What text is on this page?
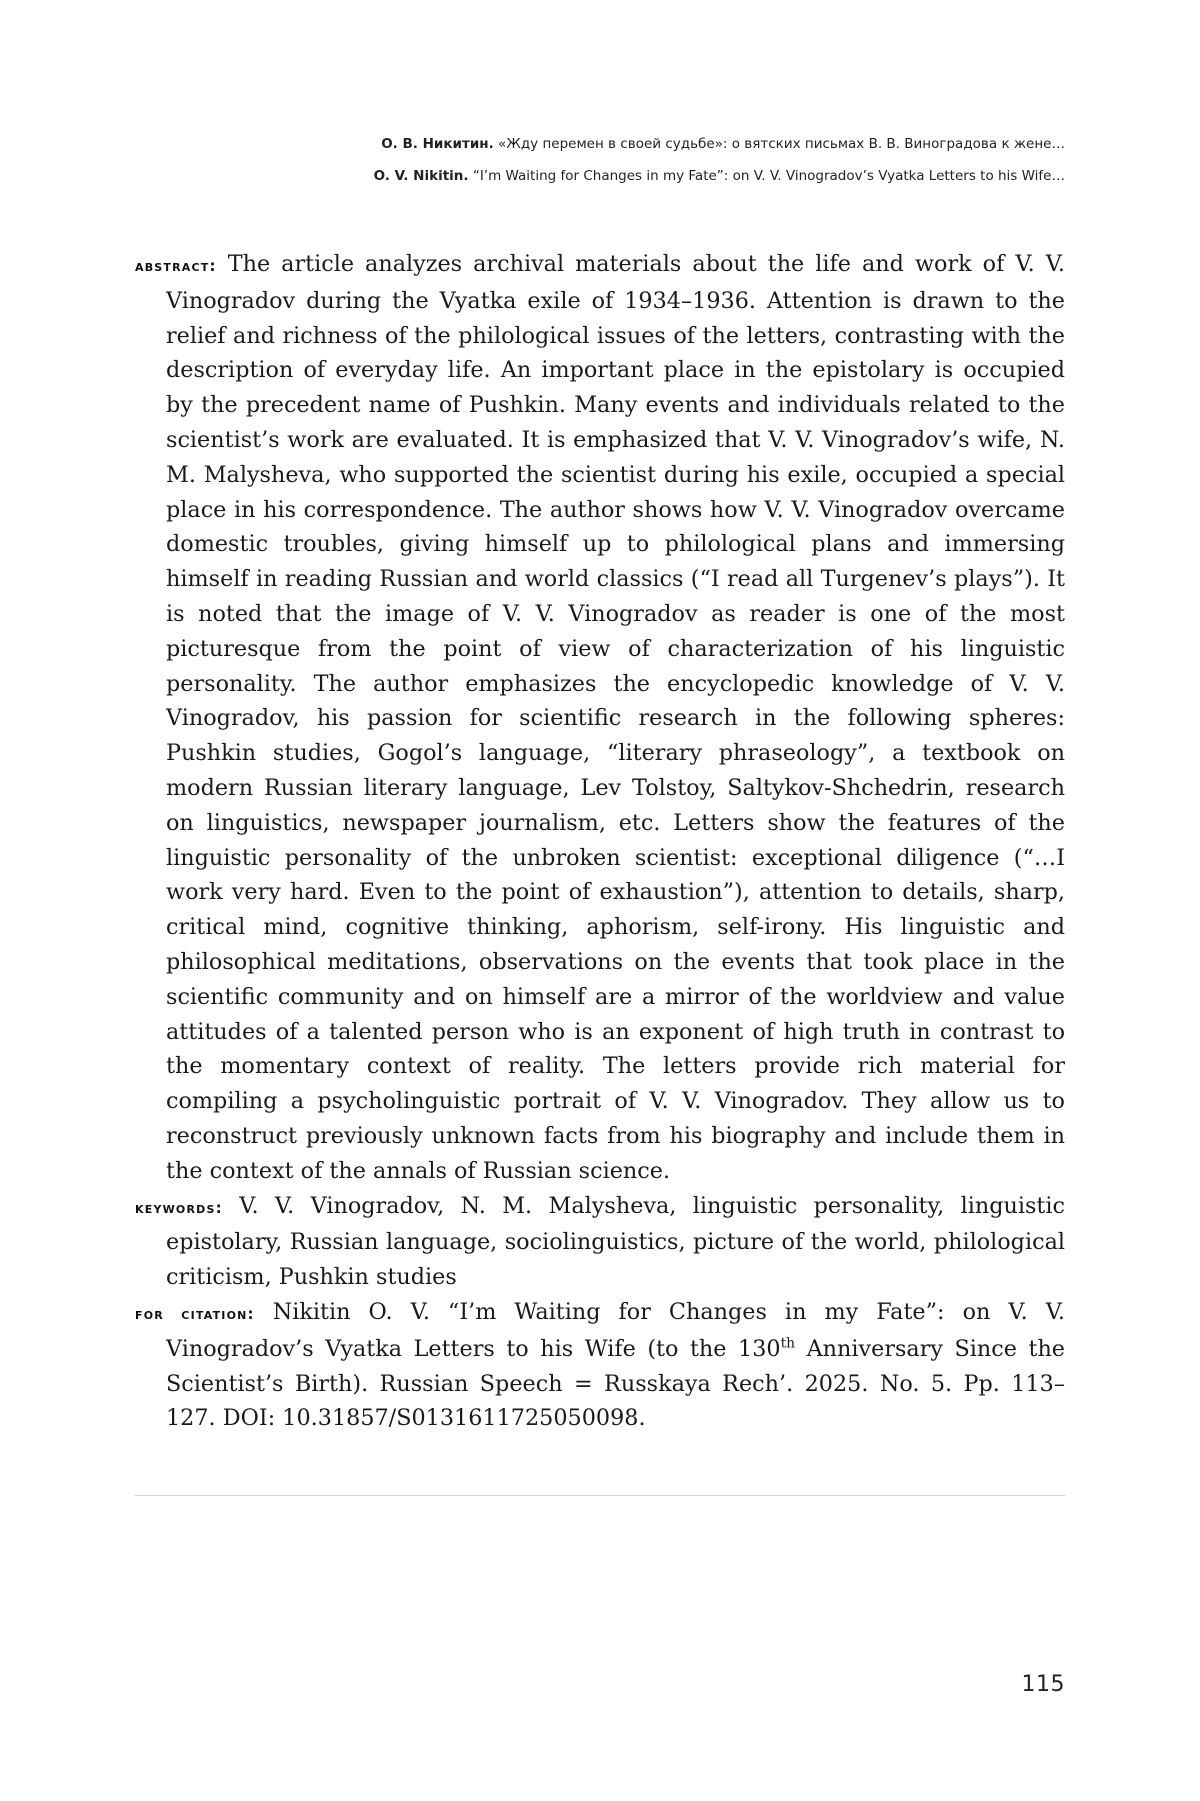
О. В. Никитин. «Жду перемен в своей судьбе»: о вятских письмах В. В. Виноградова к жене…
O. V. Nikitin. “I’m Waiting for Changes in my Fate”: on V. V. Vinogradov’s Vyatka Letters to his Wife…

abstract: The article analyzes archival materials about the life and work of V. V. Vinogradov during the Vyatka exile of 1934–1936. Attention is drawn to the relief and richness of the philological issues of the letters, contrasting with the description of everyday life. An important place in the epistolary is occupied by the precedent name of Pushkin. Many events and individuals related to the scientist’s work are evaluated. It is emphasized that V. V. Vinogradov’s wife, N. M. Malysheva, who supported the scientist during his exile, occupied a special place in his correspondence. The author shows how V. V. Vinogradov overcame domestic troubles, giving himself up to philological plans and immersing himself in reading Russian and world classics (“I read all Turgenev’s plays”). It is noted that the image of V. V. Vinogradov as reader is one of the most picturesque from the point of view of characterization of his linguistic personality. The author emphasizes the encyclopedic knowledge of V. V. Vinogradov, his passion for scientific research in the following spheres: Pushkin studies, Gogol’s language, “literary phraseology”, a textbook on modern Russian literary language, Lev Tolstoy, Saltykov-Shchedrin, research on linguistics, newspaper journalism, etc. Letters show the features of the linguistic personality of the unbroken scientist: exceptional diligence (“…I work very hard. Even to the point of exhaustion”), attention to details, sharp, critical mind, cognitive thinking, aphorism, self-irony. His linguistic and philosophical meditations, observations on the events that took place in the scientific community and on himself are a mirror of the worldview and value attitudes of a talented person who is an exponent of high truth in contrast to the momentary context of reality. The letters provide rich material for compiling a psycholinguistic portrait of V. V. Vinogradov. They allow us to reconstruct previously unknown facts from his biography and include them in the context of the annals of Russian science.

keywords: V. V. Vinogradov, N. M. Malysheva, linguistic personality, linguistic epistolary, Russian language, sociolinguistics, picture of the world, philological criticism, Pushkin studies

for citation: Nikitin O. V. “I’m Waiting for Changes in my Fate”: on V. V. Vinogradov’s Vyatka Letters to his Wife (to the 130th Anniversary Since the Scientist’s Birth). Russian Speech = Russkaya Rech’. 2025. No. 5. Pp. 113–127. DOI: 10.31857/S0131611725050098.

115
